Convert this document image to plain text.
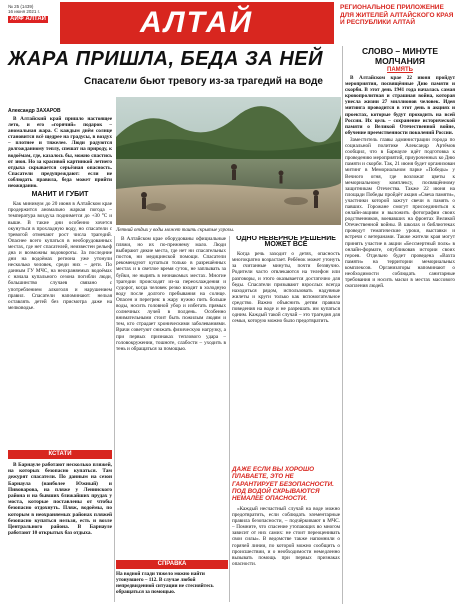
№ 25 (1439)
16 июня 2021 г.
АИФ АЛТАЙ	АЛТАЙ	РЕГИОНАЛЬНОЕ ПРИЛОЖЕНИЕ ДЛЯ ЖИТЕЛЕЙ АЛТАЙСКОГО КРАЯ И РЕСПУБЛИКИ АЛТАЙ
ЖАРА ПРИШЛА, БЕДА ЗА НЕЙ
Спасатели бьют тревогу из-за трагедий на воде
Александр ЗАХАРОВ

В Алтайский край пришло настоящее лето, и его «горячий» подарок – аномальная жара. С каждым днём солнце становится всё щедрее на градусы, в воздух – плотнее и тяжелее. Люди радуются долгожданному теплу, спешат на природу, к водоёмам, где, казалось бы, можно спастись от зноя. Но за красивой картинкой летнего отдыха скрывается серьёзная опасность. Спасатели предупреждают: если не соблюдать правила, беда может прийти неожиданно.

МАНИТ И ГУБИТ

Как минимум до 20 июня в Алтайском крае продержится аномально жаркая погода – температура воздуха поднимется до +30 °С и выше. В такие дни особенно хочется окунуться в прохладную воду, но спасатели с тревогой отмечают рост числа трагедий. Опаснее всего купаться в необорудованных местах, где нет спасателей, неизвестен рельеф дна и возможны водовороты. За последние дни на водоёмах региона уже утонули несколько человек, среди них – дети. По данным ГУ МЧС, на неохраняемых водоёмах с начала купального сезона погибли люди, большинство случаев связано с употреблением алкоголя и нарушением правил. Спасатели напоминают: нельзя оставлять детей без присмотра даже на мелководье.

Летний отдых у воды может таить скрытые угрозы.

В Алтайском крае оборудованы официальные пляжи, но их по-прежнему мало. Люди выбирают дикие места, где нет ни спасательных постов, ни медицинской помощи. Спасатели рекомендуют купаться только в разрешённых местах и в светлое время суток, не заплывать за буйки, не нырять в незнакомых местах. Многие трагедии происходят из-за переохлаждения и судорог, когда человек резко входит в холодную воду после долгого пребывания на солнце. Опасен и перегрев: в жару нужно пить больше воды, носить головной убор и избегать прямых солнечных лучей в полдень. Особенно внимательными стоит быть пожилым людям и тем, кто страдает хроническими заболеваниями. Врачи советуют снижать физическую нагрузку, а при первых признаках теплового удара – головокружении, тошноте, слабости – уходить в тень и обращаться за помощью.

ОДНО НЕВЕРНОЕ РЕШЕНИЕ
МОЖЕТ ВСЁ

Когда речь заходит о детях, опасность многократно возрастает. Ребёнок может утонуть за считанные минуты, почти беззвучно. Родители часто отвлекаются на телефон или разговоры, и этого оказывается достаточно для беды. Спасатели призывают взрослых всегда находиться рядом, использовать надувные жилеты и круги только как вспомогательное средство. Важно объяснить детям правила поведения на воде и не разрешать им купаться одним. Каждый такой случай – это трагедия для семьи, которую можно было предотвратить.

ДАЖЕ ЕСЛИ ВЫ ХОРОШО ПЛАВАЕТЕ, ЭТО НЕ ГАРАНТИРУЕТ БЕЗОПАСНОСТИ. ПОД ВОДОЙ СКРЫВАЮТСЯ НЕМАЛЕЕ ОПАСНОСТИ.

«Каждый несчастный случай на воде можно предотвратить, если соблюдать элементарные правила безопасности, – подчёркивают в МЧС. – Помните, что спасение утопающих во многом зависит от них самих: не стоит переоценивать свои силы». В ведомстве также напомнили о горячей линии, по которой можно сообщить о происшествии, и о необходимости немедленно вызывать помощь при первых признаках опасности.

КСТАТИ

В Барнауле работают несколько пляжей, на которых безопасно купаться. Там дежурят спасатели. По данным на сезон Барнаула (наиболее Южный) и Пивоварова, на пляже у Ленинского района и на бывших ближайших прудах у моста, которые поставлены от чтобы безопасно отдохнуть. Пляж, водоёмы, по которым в неохраняемых районах пляжей безопасно купаться нельзя, есть и возле Центрального района. В Барнауле работают 10 открытых баз отдыха.

СПРАВКА
На водной глади тяжело можно найти утонувшего – 112. В случае любой непредвиденной ситуации не стесняйтесь обращаться за помощью.
СЛОВО – МИНУТЕ МОЛЧАНИЯ
ПАМЯТЬ

В Алтайском крае 22 июня пройдут мероприятия, посвящённые Дню памяти и скорби. В этот день 1941 года началась самая кровопролитная и страшная война, которая унесла жизни 27 миллионов человек. Идея митинга проводится в этот день в акциях и проектах, которые будут проходить на всей России. Их цель – сохранение исторической памяти о Великой Отечественной войне, обучение преемственности поколений России.

Заместитель главы администрации города по социальной политике Александр Артёмов сообщил, что в Барнауле идёт подготовка к проведению мероприятий, приуроченных ко Дню памяти и скорби. Так, 21 июня будет организован митинг в Мемориальном парке «Победы» у Вечного огня, где возложат цветы к мемориальному комплексу, посвящённому защитникам Отечества. Также 22 июня на площади Победы пройдёт акция «Свеча памяти», участники которой зажгут свечи в память о павших. Горожане смогут присоединиться к онлайн-акциям и выложить фотографии своих родственников, воевавших на фронтах Великой Отечественной войны. В школах и библиотеках проведут тематические уроки, выставки и встречи с ветеранами. Также жители края могут принять участие в акции «Бессмертный полк» в онлайн-формате, опубликовав истории своих героев. Отдельно будет проведена «Вахта памяти» на территории мемориальных комплексов. Организаторы напоминают о необходимости соблюдать санитарные требования и носить маски в местах массового скопления людей.
